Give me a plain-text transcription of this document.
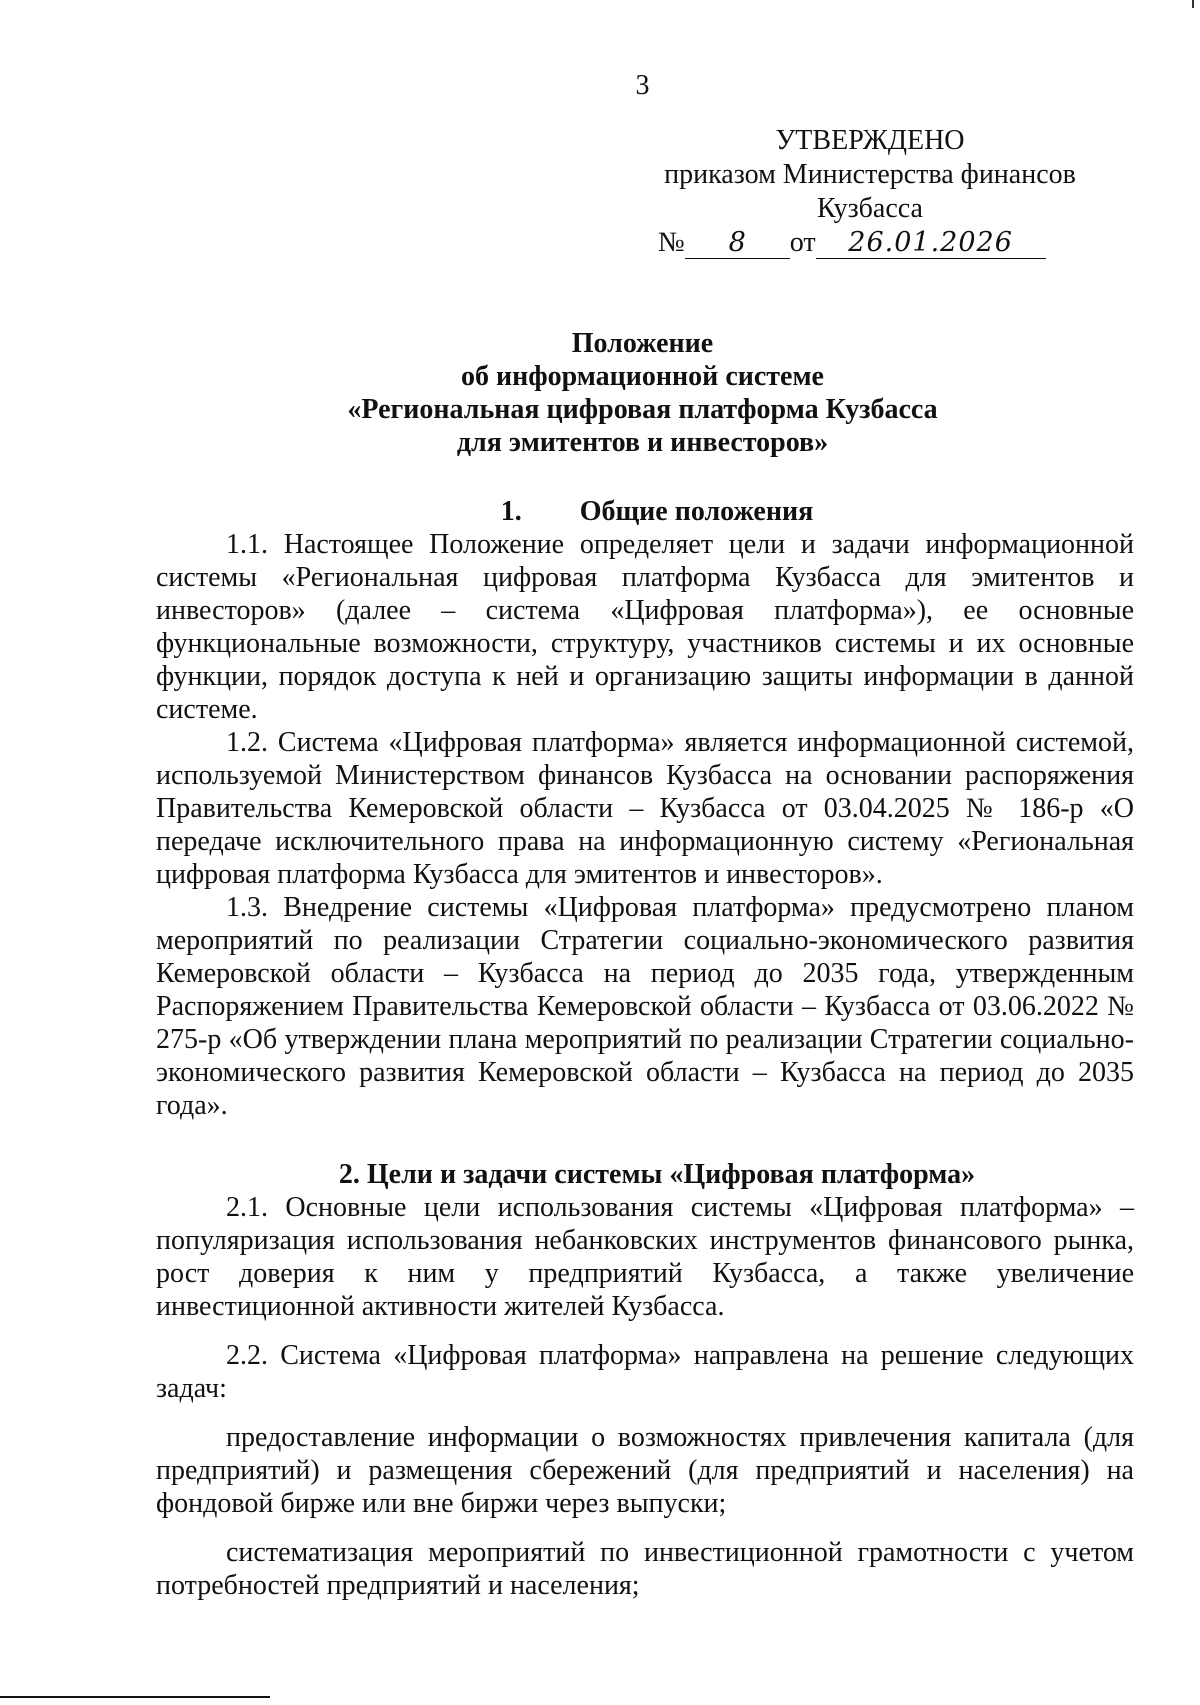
3
УТВЕРЖДЕНО
приказом Министерства финансов
Кузбасса
№ 8 от 26.01.2026
Положение
об информационной системе
«Региональная цифровая платформа Кузбасса
для эмитентов и инвесторов»
1. Общие положения

1.1. Настоящее Положение определяет цели и задачи информационной системы «Региональная цифровая платформа Кузбасса для эмитентов и инвесторов» (далее – система «Цифровая платформа»), ее основные функциональные возможности, структуру, участников системы и их основные функции, порядок доступа к ней и организацию защиты информации в данной системе.

1.2. Система «Цифровая платформа» является информационной системой, используемой Министерством финансов Кузбасса на основании распоряжения Правительства Кемеровской области – Кузбасса от 03.04.2025 № 186-р «О передаче исключительного права на информационную систему «Региональная цифровая платформа Кузбасса для эмитентов и инвесторов».

1.3. Внедрение системы «Цифровая платформа» предусмотрено планом мероприятий по реализации Стратегии социально-экономического развития Кемеровской области – Кузбасса на период до 2035 года, утвержденным Распоряжением Правительства Кемеровской области – Кузбасса от 03.06.2022 № 275-р «Об утверждении плана мероприятий по реализации Стратегии социально-экономического развития Кемеровской области – Кузбасса на период до 2035 года».

2. Цели и задачи системы «Цифровая платформа»

2.1. Основные цели использования системы «Цифровая платформа» – популяризация использования небанковских инструментов финансового рынка, рост доверия к ним у предприятий Кузбасса, а также увеличение инвестиционной активности жителей Кузбасса.

2.2. Система «Цифровая платформа» направлена на решение следующих задач:

предоставление информации о возможностях привлечения капитала (для предприятий) и размещения сбережений (для предприятий и населения) на фондовой бирже или вне биржи через выпуски;

систематизация мероприятий по инвестиционной грамотности с учетом потребностей предприятий и населения;
